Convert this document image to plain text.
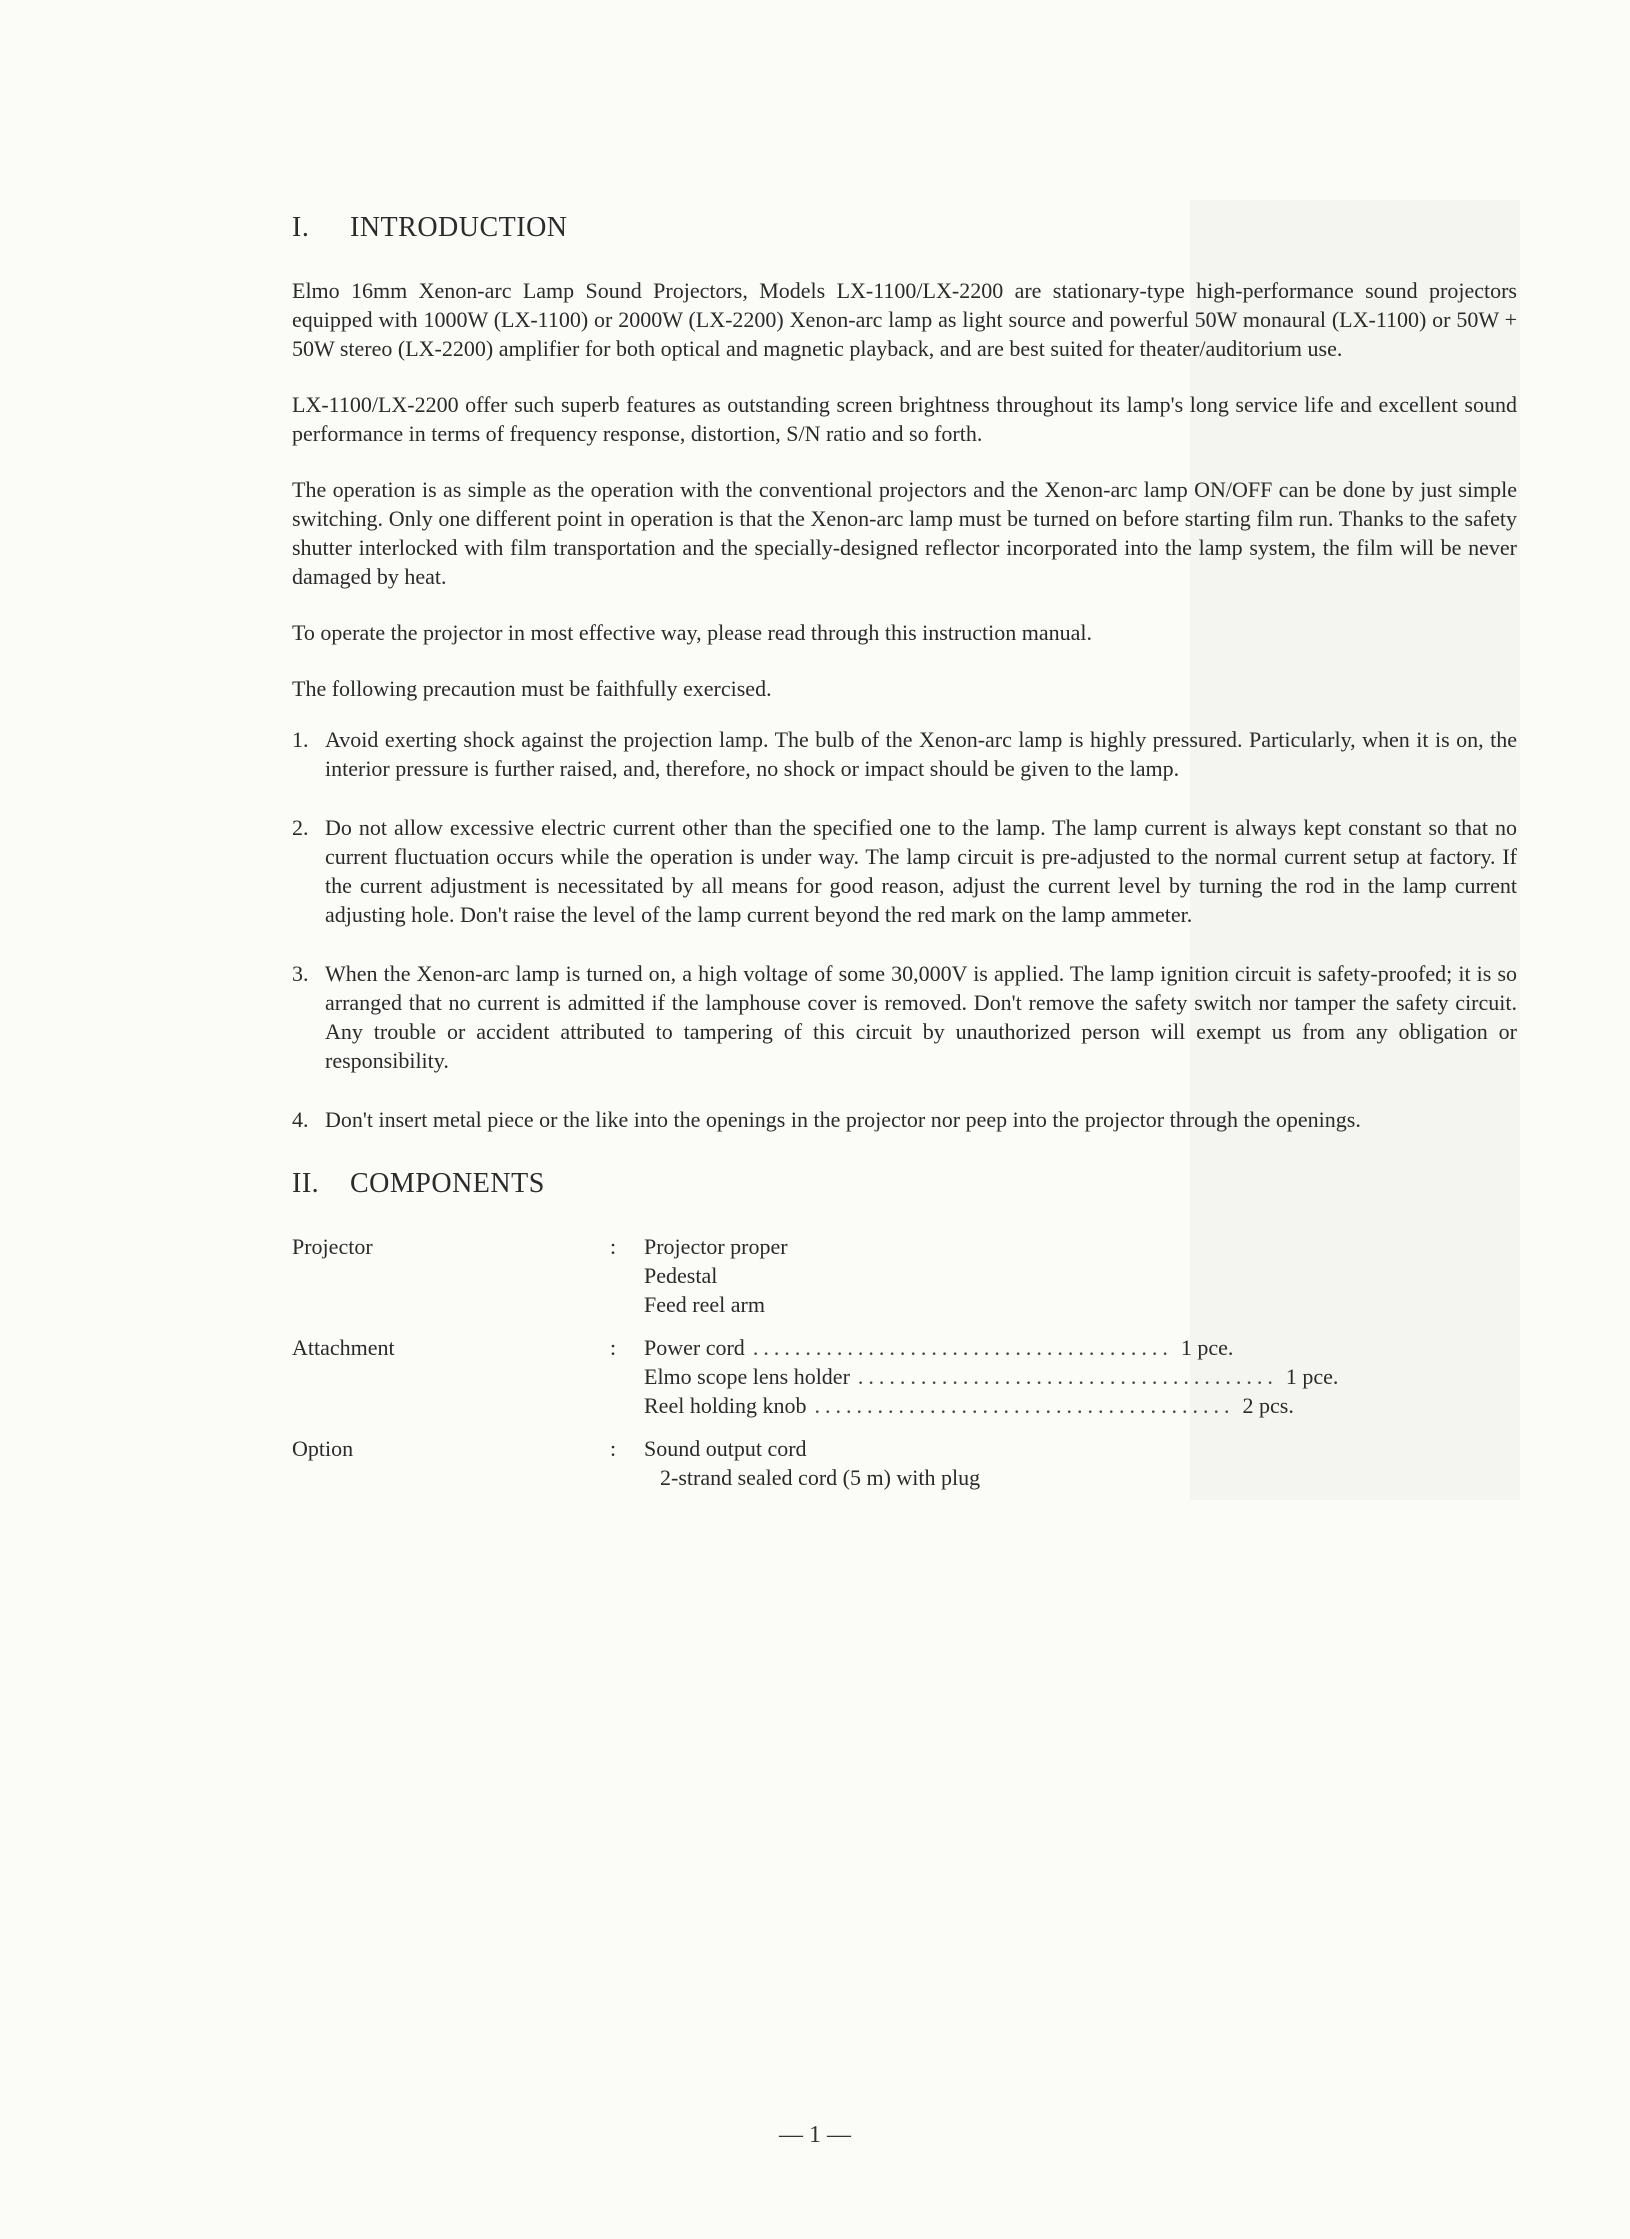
I. INTRODUCTION

Elmo 16mm Xenon-arc Lamp Sound Projectors, Models LX-1100/LX-2200 are stationary-type high-performance sound projectors equipped with 1000W (LX-1100) or 2000W (LX-2200) Xenon-arc lamp as light source and powerful 50W monaural (LX-1100) or 50W + 50W stereo (LX-2200) amplifier for both optical and magnetic playback, and are best suited for theater/auditorium use.

LX-1100/LX-2200 offer such superb features as outstanding screen brightness throughout its lamp's long service life and excellent sound performance in terms of frequency response, distortion, S/N ratio and so forth.

The operation is as simple as the operation with the conventional projectors and the Xenon-arc lamp ON/OFF can be done by just simple switching. Only one different point in operation is that the Xenon-arc lamp must be turned on before starting film run. Thanks to the safety shutter interlocked with film transportation and the specially-designed reflector incorporated into the lamp system, the film will be never damaged by heat.

To operate the projector in most effective way, please read through this instruction manual.

The following precaution must be faithfully exercised.

1. Avoid exerting shock against the projection lamp. The bulb of the Xenon-arc lamp is highly pressured. Particularly, when it is on, the interior pressure is further raised, and, therefore, no shock or impact should be given to the lamp.
2. Do not allow excessive electric current other than the specified one to the lamp. The lamp current is always kept constant so that no current fluctuation occurs while the operation is under way. The lamp circuit is pre-adjusted to the normal current setup at factory. If the current adjustment is necessitated by all means for good reason, adjust the current level by turning the rod in the lamp current adjusting hole. Don't raise the level of the lamp current beyond the red mark on the lamp ammeter.
3. When the Xenon-arc lamp is turned on, a high voltage of some 30,000V is applied. The lamp ignition circuit is safety-proofed; it is so arranged that no current is admitted if the lamphouse cover is removed. Don't remove the safety switch nor tamper the safety circuit. Any trouble or accident attributed to tampering of this circuit by unauthorized person will exempt us from any obligation or responsibility.
4. Don't insert metal piece or the like into the openings in the projector nor peep into the projector through the openings.
II. COMPONENTS
Projector	:	Projector proper
Pedestal
Feed reel arm
Attachment	:	Power cord ........................................ 1 pce.
Elmo scope lens holder ........................................ 1 pce.
Reel holding knob ........................................ 2 pcs.
Option	:	Sound output cord
2-strand sealed cord (5 m) with plug
— 1 —
